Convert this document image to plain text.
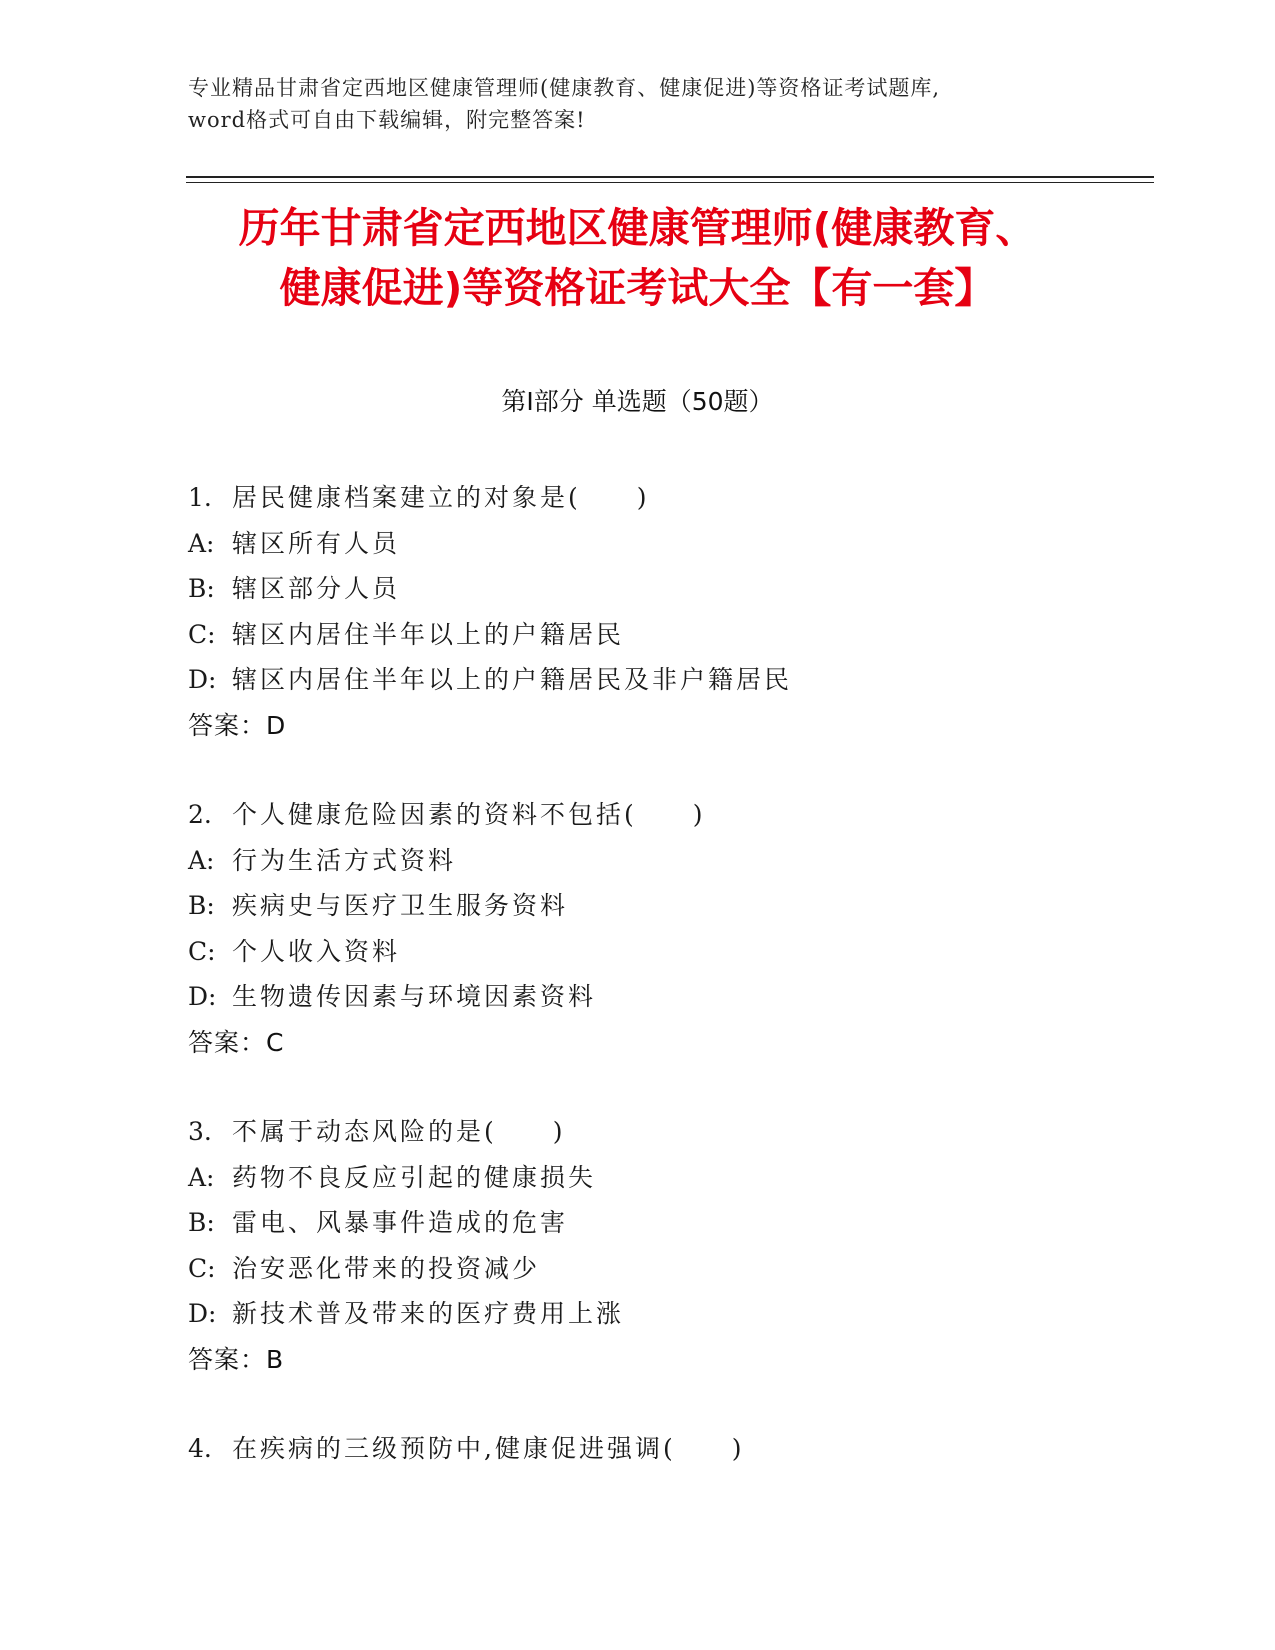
专业精品甘肃省定西地区健康管理师(健康教育、健康促进)等资格证考试题库,
word格式可自由下载编辑，附完整答案!
历年甘肃省定西地区健康管理师(健康教育、
健康促进)等资格证考试大全【有一套】
第Ⅰ部分 单选题（50题）
1. 居民健康档案建立的对象是(　　)
A: 辖区所有人员
B: 辖区部分人员
C: 辖区内居住半年以上的户籍居民
D: 辖区内居住半年以上的户籍居民及非户籍居民
答案：D
2. 个人健康危险因素的资料不包括(　　)
A: 行为生活方式资料
B: 疾病史与医疗卫生服务资料
C: 个人收入资料
D: 生物遗传因素与环境因素资料
答案：C
3. 不属于动态风险的是(　　)
A: 药物不良反应引起的健康损失
B: 雷电、风暴事件造成的危害
C: 治安恶化带来的投资减少
D: 新技术普及带来的医疗费用上涨
答案：B
4. 在疾病的三级预防中,健康促进强调(　　)
